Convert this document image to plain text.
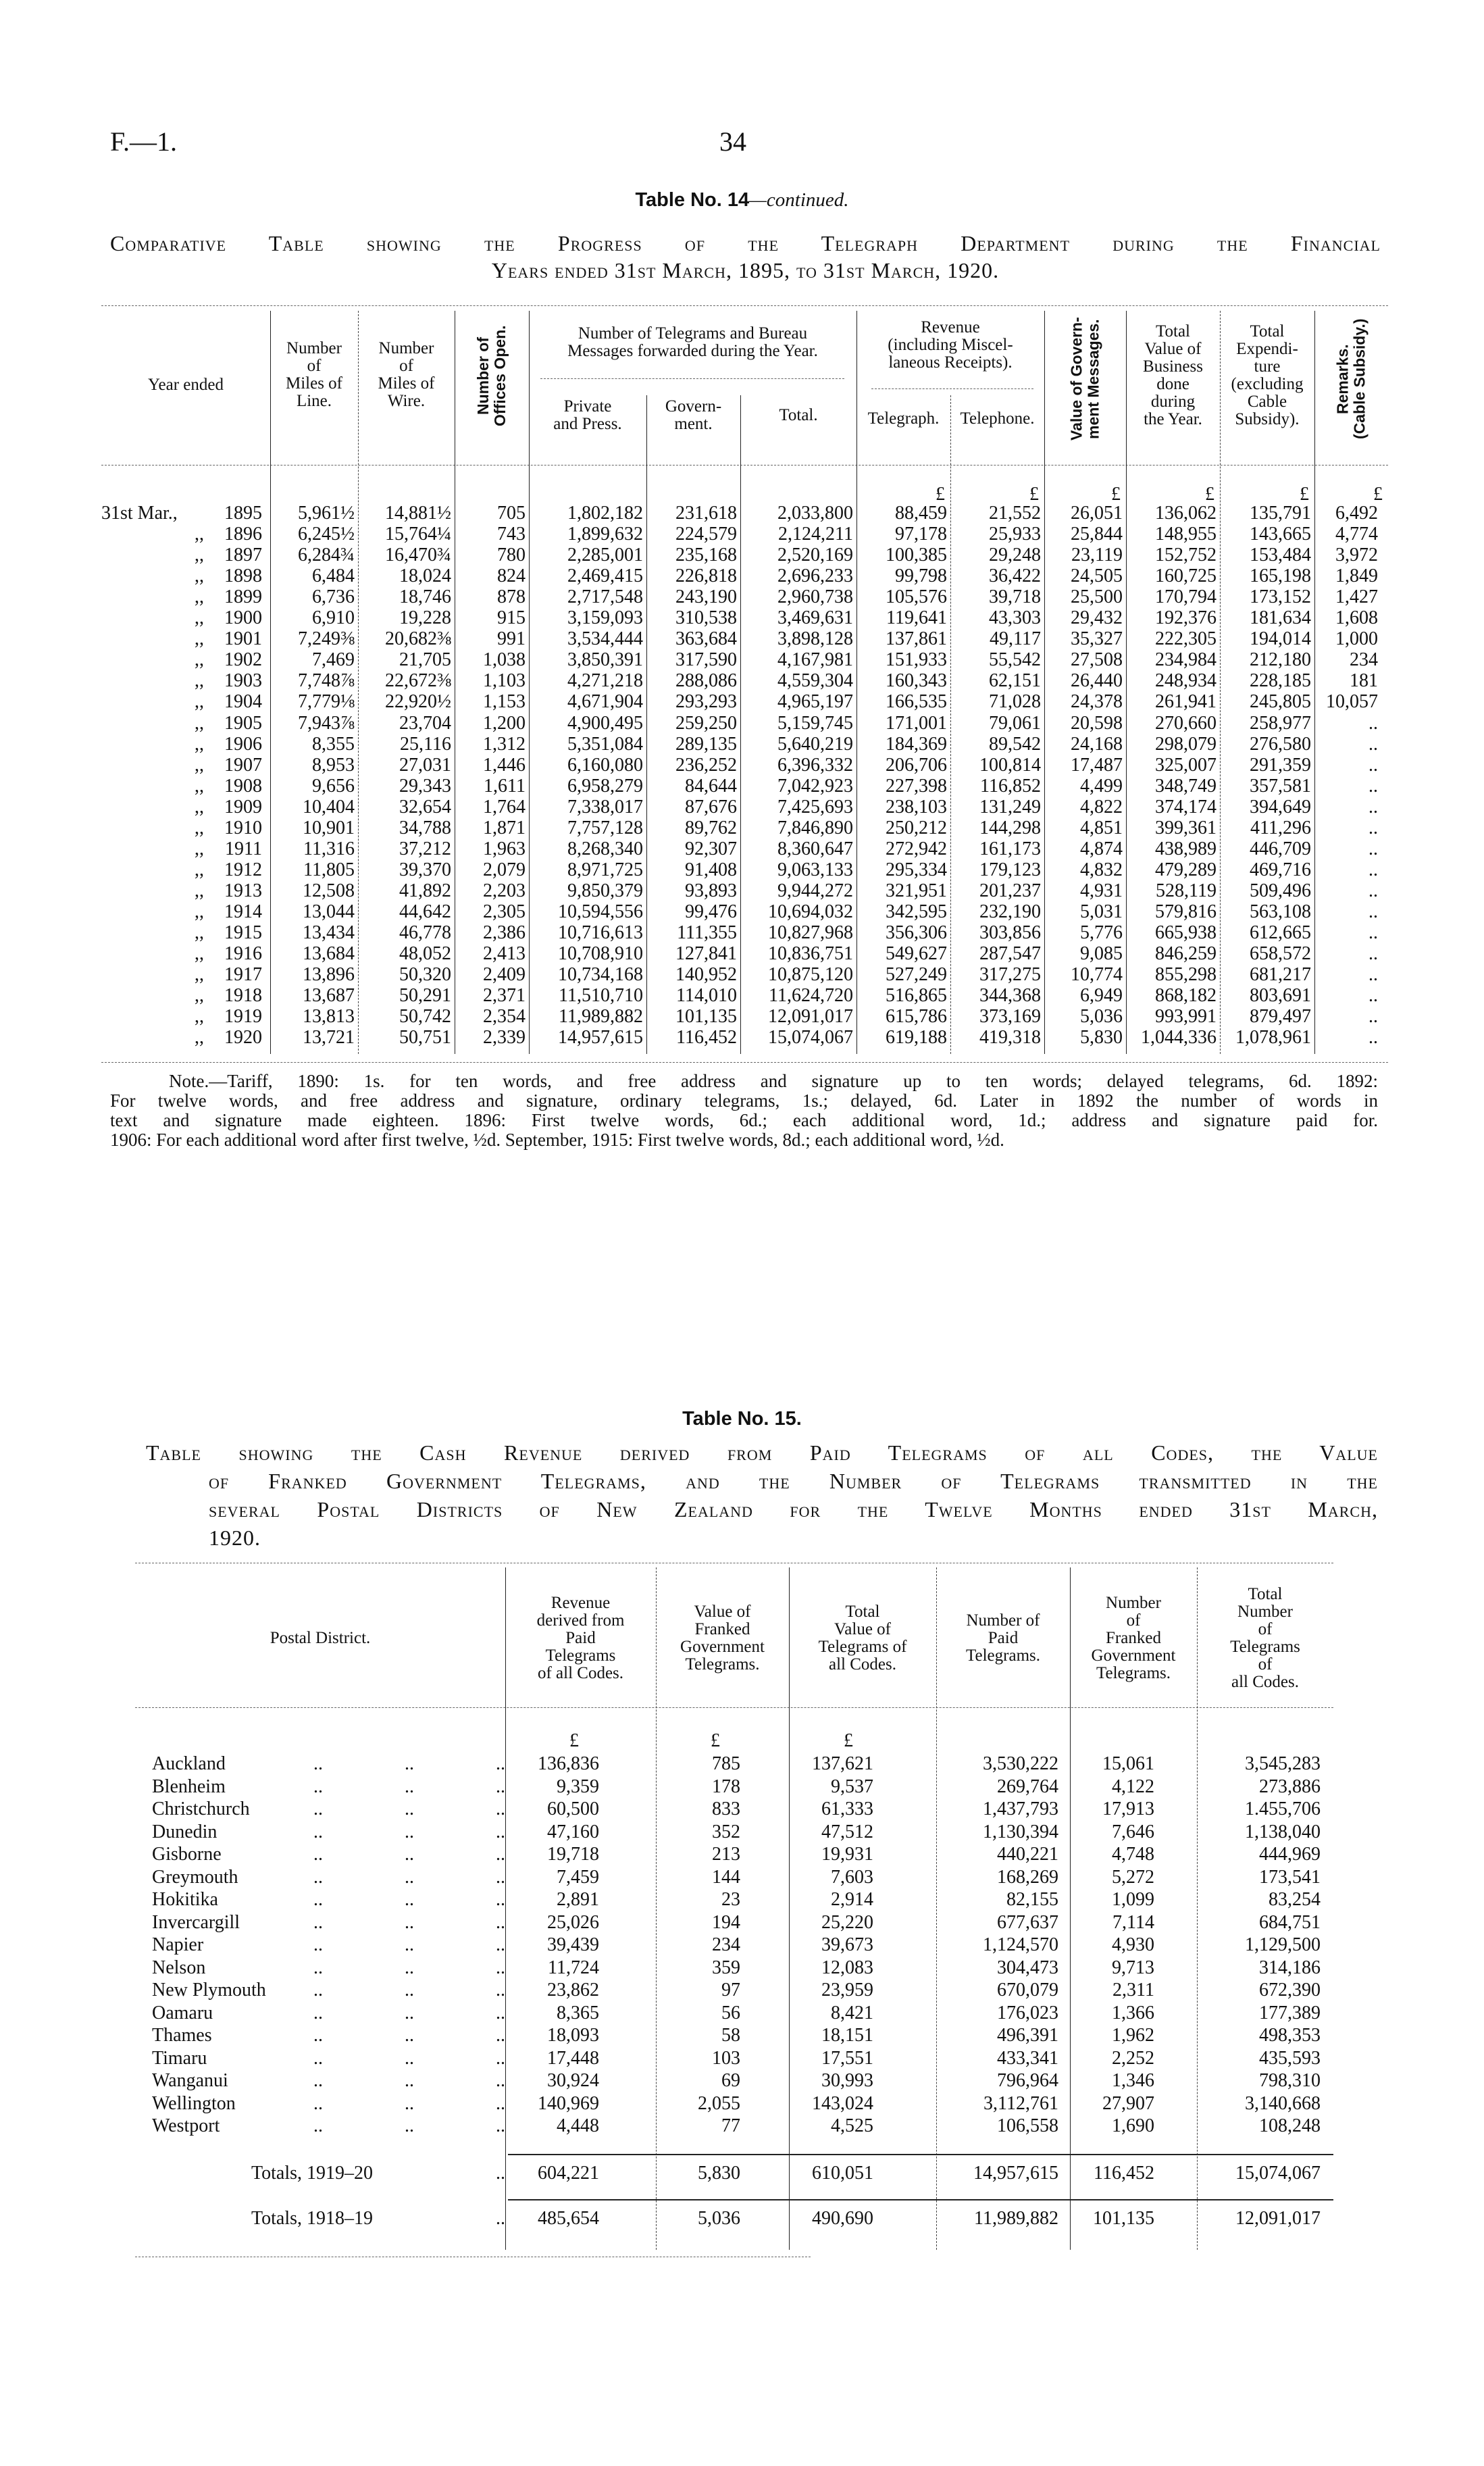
F.—1.	34
Table No. 14—continued.
Comparative Table showing the Progress of the Telegraph Department during the Financial
Years ended 31st March, 1895, to 31st March, 1920.
Year ended
Number
of
Miles of
Line.
Number
of
Miles of
Wire.	Number of
Offices Open.	Number of Telegrams and Bureau
Messages forwarded during the Year.
Private
and Press.
Govern-
ment.	Total.
Revenue
(including Miscel-
laneous Receipts).
Telegraph.	Telephone.	Value of Govern-
ment Messages.	Total
Value of
Business
done
during
the Year.
Total
Expendi-
ture
(excluding
Cable
Subsidy).
Remarks.
(Cable Subsidy.)
£	£	£	£	£	£
31st Mar.,	1895	5,961½	14,881½	705	1,802,182	231,618	2,033,800	88,459	21,552	26,051	136,062	135,791	6,492
,,	1896	6,245½	15,764¼	743	1,899,632	224,579	2,124,211	97,178	25,933	25,844	148,955	143,665	4,774
,,	1897	6,284¾	16,470¾	780	2,285,001	235,168	2,520,169	100,385	29,248	23,119	152,752	153,484	3,972
,,	1898	6,484	18,024	824	2,469,415	226,818	2,696,233	99,798	36,422	24,505	160,725	165,198	1,849
,,	1899	6,736	18,746	878	2,717,548	243,190	2,960,738	105,576	39,718	25,500	170,794	173,152	1,427
,,	1900	6,910	19,228	915	3,159,093	310,538	3,469,631	119,641	43,303	29,432	192,376	181,634	1,608
,,	1901	7,249⅜	20,682⅜	991	3,534,444	363,684	3,898,128	137,861	49,117	35,327	222,305	194,014	1,000
,,	1902	7,469	21,705	1,038	3,850,391	317,590	4,167,981	151,933	55,542	27,508	234,984	212,180	234
,,	1903	7,748⅞	22,672⅜	1,103	4,271,218	288,086	4,559,304	160,343	62,151	26,440	248,934	228,185	181
,,	1904	7,779⅛	22,920½	1,153	4,671,904	293,293	4,965,197	166,535	71,028	24,378	261,941	245,805 10,057
,,	1905	7,943⅞	23,704	1,200	4,900,495	259,250	5,159,745	171,001	79,061	20,598	270,660	258,977	..
,,	1906	8,355	25,116	1,312	5,351,084	289,135	5,640,219	184,369	89,542	24,168	298,079	276,580	..
,,	1907	8,953	27,031	1,446	6,160,080	236,252	6,396,332	206,706	100,814	17,487	325,007	291,359	..
,,	1908	9,656	29,343	1,611	6,958,279	84,644	7,042,923	227,398	116,852	4,499	348,749	357,581	..
,,	1909	10,404	32,654	1,764	7,338,017	87,676	7,425,693	238,103	131,249	4,822	374,174	394,649	..
,,	1910	10,901	34,788	1,871	7,757,128	89,762	7,846,890	250,212	144,298	4,851	399,361	411,296	..
,,	1911	11,316	37,212	1,963	8,268,340	92,307	8,360,647	272,942	161,173	4,874	438,989	446,709	..
,,	1912	11,805	39,370	2,079	8,971,725	91,408	9,063,133	295,334	179,123	4,832	479,289	469,716	..
,,	1913	12,508	41,892	2,203	9,850,379	93,893	9,944,272	321,951	201,237	4,931	528,119	509,496	..
,,	1914	13,044	44,642	2,305	10,594,556	99,476	10,694,032	342,595	232,190	5,031	579,816	563,108	..
,,	1915	13,434	46,778	2,386	10,716,613	111,355	10,827,968	356,306	303,856	5,776	665,938	612,665	..
,,	1916	13,684	48,052	2,413	10,708,910	127,841	10,836,751	549,627	287,547	9,085	846,259	658,572	..
,,	1917	13,896	50,320	2,409	10,734,168	140,952	10,875,120	527,249	317,275	10,774	855,298	681,217	..
,,	1918	13,687	50,291	2,371	11,510,710	114,010	11,624,720	516,865	344,368	6,949	868,182	803,691	..
,,	1919	13,813	50,742	2,354	11,989,882	101,135	12,091,017	615,786	373,169	5,036	993,991	879,497	..
,,	1920	13,721	50,751	2,339	14,957,615	116,452	15,074,067	619,188	419,318	5,830 1,044,336	1,078,961	..
Note.—Tariff, 1890: 1s. for ten words, and free address and signature up to ten words; delayed telegrams, 6d. 1892:
For twelve words, and free address and signature, ordinary telegrams, 1s.; delayed, 6d. Later in 1892 the number of words in
text and signature made eighteen. 1896: First twelve words, 6d.; each additional word, 1d.; address and signature paid for.
1906: For each additional word after first twelve, ½d. September, 1915: First twelve words, 8d.; each additional word, ½d.
Table No. 15.
Table showing the Cash Revenue derived from Paid Telegrams of all Codes, the Value
of Franked Government Telegrams, and the Number of Telegrams transmitted in the
several Postal Districts of New Zealand for the Twelve Months ended 31st March,
1920.
Postal District.
Revenue
derived from
Paid
Telegrams
of all Codes.
Value of
Franked
Government
Telegrams.
Total
Value of
Telegrams of
all Codes.
Number of
Paid
Telegrams.
Number
of
Franked
Government
Telegrams.
Total
Number
of
Telegrams
of
all Codes.
£	£	£
Auckland	..	..	..	136,836	785	137,621	3,530,222	15,061	3,545,283
Blenheim	..	..	..	9,359	178	9,537	269,764	4,122	273,886
Christchurch	..	..	..	60,500	833	61,333	1,437,793	17,913	1.455,706
Dunedin	..	..	..	47,160	352	47,512	1,130,394	7,646	1,138,040
Gisborne	..	..	..	19,718	213	19,931	440,221	4,748	444,969
Greymouth	..	..	..	7,459	144	7,603	168,269	5,272	173,541
Hokitika	..	..	..	2,891	23	2,914	82,155	1,099	83,254
Invercargill	..	..	..	25,026	194	25,220	677,637	7,114	684,751
Napier	..	..	..	39,439	234	39,673	1,124,570	4,930	1,129,500
Nelson	..	..	..	11,724	359	12,083	304,473	9,713	314,186
New Plymouth	..	..	..	23,862	97	23,959	670,079	2,311	672,390
Oamaru	..	..	..	8,365	56	8,421	176,023	1,366	177,389
Thames	..	..	..	18,093	58	18,151	496,391	1,962	498,353
Timaru	..	..	..	17,448	103	17,551	433,341	2,252	435,593
Wanganui	..	..	..	30,924	69	30,993	796,964	1,346	798,310
Wellington	..	..	..	140,969	2,055	143,024	3,112,761	27,907	3,140,668
Westport	..	..	..	4,448	77	4,525	106,558	1,690	108,248
Totals, 1919–20	..	604,221	5,830	610,051	14,957,615	116,452	15,074,067
Totals, 1918–19	..	485,654	5,036	490,690	11,989,882	101,135	12,091,017
